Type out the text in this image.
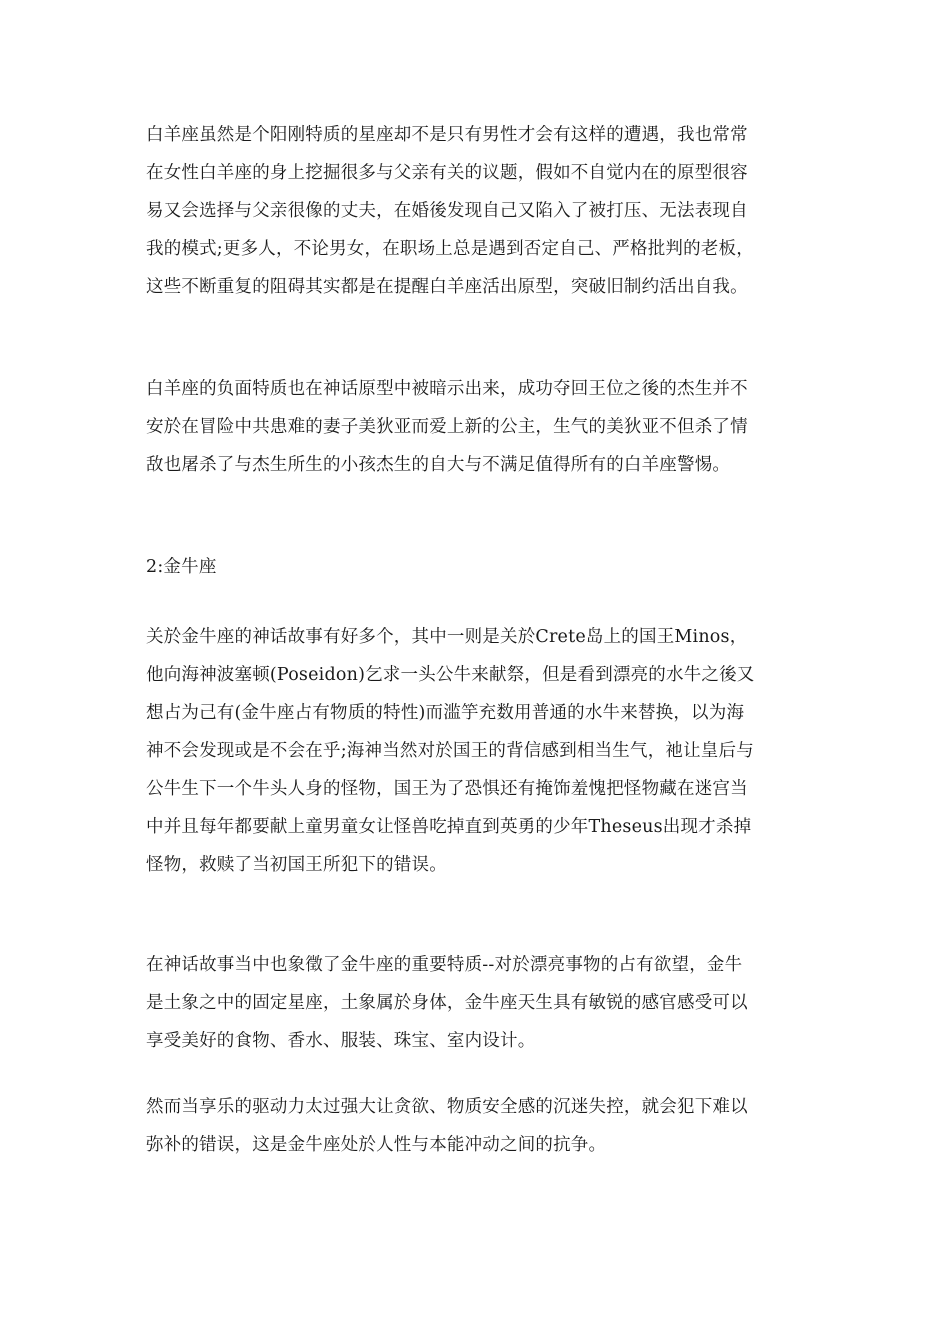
白羊座虽然是个阳刚特质的星座却不是只有男性才会有这样的遭遇，我也常常
在女性白羊座的身上挖掘很多与父亲有关的议题，假如不自觉内在的原型很容
易又会选择与父亲很像的丈夫，在婚後发现自己又陷入了被打压、无法表现自
我的模式;更多人，不论男女，在职场上总是遇到否定自己、严格批判的老板，
这些不断重复的阻碍其实都是在提醒白羊座活出原型，突破旧制约活出自我。
白羊座的负面特质也在神话原型中被暗示出来，成功夺回王位之後的杰生并不
安於在冒险中共患难的妻子美狄亚而爱上新的公主，生气的美狄亚不但杀了情
敌也屠杀了与杰生所生的小孩杰生的自大与不满足值得所有的白羊座警惕。
2:金牛座
关於金牛座的神话故事有好多个，其中一则是关於Crete岛上的国王Minos，
他向海神波塞顿(Poseidon)乞求一头公牛来献祭，但是看到漂亮的水牛之後又
想占为己有(金牛座占有物质的特性)而滥竽充数用普通的水牛来替换，以为海
神不会发现或是不会在乎;海神当然对於国王的背信感到相当生气，祂让皇后与
公牛生下一个牛头人身的怪物，国王为了恐惧还有掩饰羞愧把怪物藏在迷宫当
中并且每年都要献上童男童女让怪兽吃掉直到英勇的少年Theseus出现才杀掉
怪物，救赎了当初国王所犯下的错误。
在神话故事当中也象徵了金牛座的重要特质--对於漂亮事物的占有欲望，金牛
是土象之中的固定星座，土象属於身体，金牛座天生具有敏锐的感官感受可以
享受美好的食物、香水、服装、珠宝、室内设计。
然而当享乐的驱动力太过强大让贪欲、物质安全感的沉迷失控，就会犯下难以
弥补的错误，这是金牛座处於人性与本能冲动之间的抗争。
